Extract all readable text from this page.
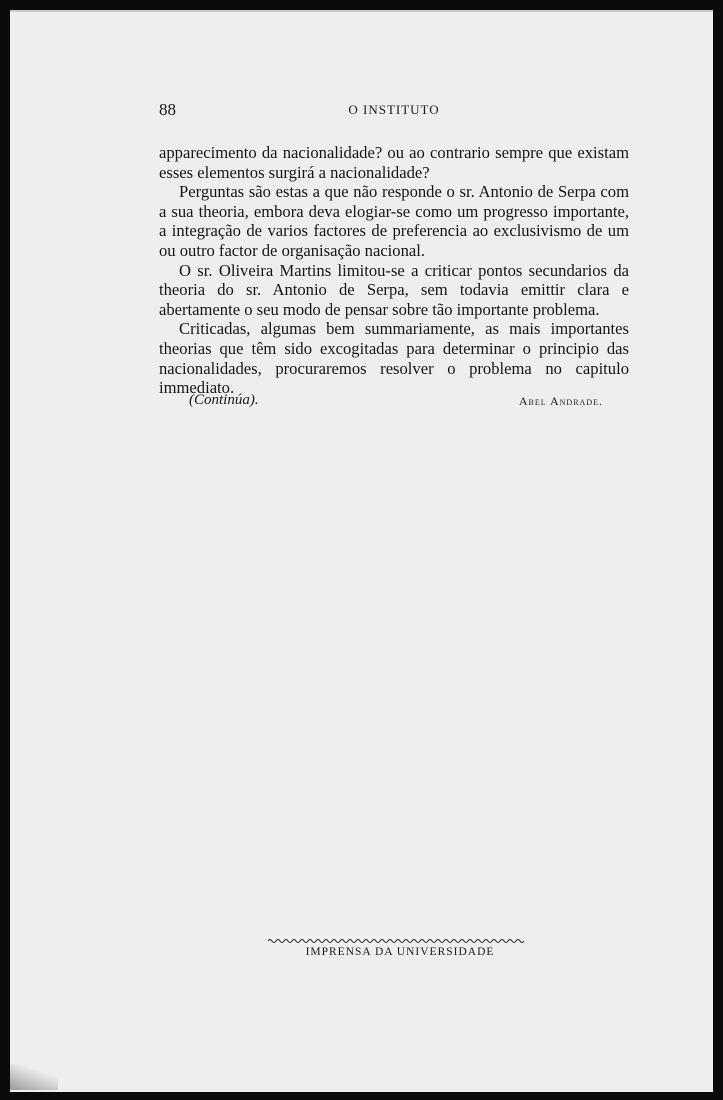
88	O INSTITUTO

apparecimento da nacionalidade? ou ao contrario sempre que existam esses elementos surgirá a nacionalidade?

Perguntas são estas a que não responde o sr. Antonio de Serpa com a sua theoria, embora deva elogiar-se como um progresso importante, a integração de varios factores de preferencia ao exclusivismo de um ou outro factor de organisação nacional.

O sr. Oliveira Martins limitou-se a criticar pontos secundarios da theoria do sr. Antonio de Serpa, sem todavia emittir clara e abertamente o seu modo de pensar sobre tão importante problema.

Criticadas, algumas bem summariamente, as mais importantes theorias que têm sido excogitadas para determinar o principio das nacionalidades, procuraremos resolver o problema no capitulo immediato.

(Continúa).	Abel Andrade.
IMPRENSA DA UNIVERSIDADE
